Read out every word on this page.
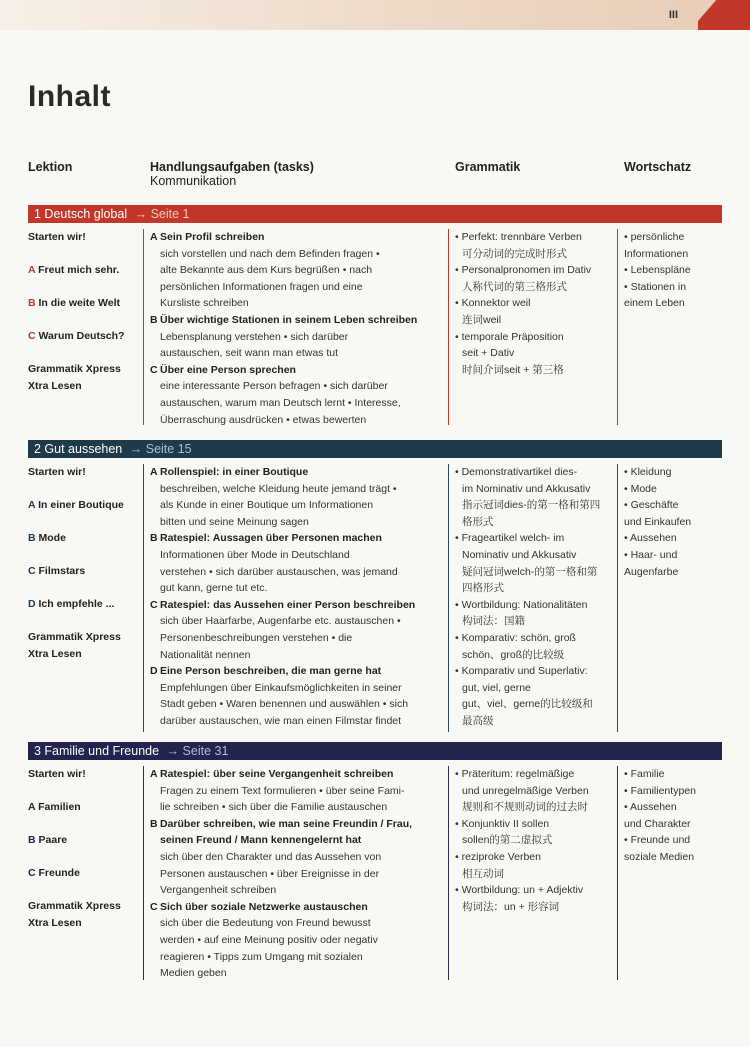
III
Inhalt
Lektion	Handlungsaufgaben (tasks)
Kommunikation
Grammatik	Wortschatz
1 Deutsch global → Seite 1
Starten wir!
A Freut mich sehr.
B In die weite Welt
C Warum Deutsch?
Grammatik Xpress
Xtra Lesen
A Sein Profil schreiben
sich vorstellen und nach dem Befinden fragen •
alte Bekannte aus dem Kurs begrüßen • nach
persönlichen Informationen fragen und eine
Kursliste schreiben
B Über wichtige Stationen in seinem Leben schreiben
Lebensplanung verstehen • sich darüber
austauschen, seit wann man etwas tut
C Über eine Person sprechen
eine interessante Person befragen • sich darüber
austauschen, warum man Deutsch lernt • Interesse,
Überraschung ausdrücken • etwas bewerten
• Perfekt: trennbare Verben
可分动词的完成时形式
• Personalpronomen im Dativ
人称代词的第三格形式
• Konnektor weil
连词weil
• temporale Präposition
seit + Dativ
时间介词seit + 第三格
• persönliche
Informationen
• Lebenspläne
• Stationen in
einem Leben
2 Gut aussehen → Seite 15
Starten wir!
A In einer Boutique
B Mode
C Filmstars
D Ich empfehle ...
Grammatik Xpress
Xtra Lesen
A Rollenspiel: in einer Boutique
beschreiben, welche Kleidung heute jemand trägt •
als Kunde in einer Boutique um Informationen
bitten und seine Meinung sagen
B Ratespiel: Aussagen über Personen machen
Informationen über Mode in Deutschland
verstehen • sich darüber austauschen, was jemand
gut kann, gerne tut etc.
C Ratespiel: das Aussehen einer Person beschreiben
sich über Haarfarbe, Augenfarbe etc. austauschen •
Personenbeschreibungen verstehen • die
Nationalität nennen
D Eine Person beschreiben, die man gerne hat
Empfehlungen über Einkaufsmöglichkeiten in seiner
Stadt geben • Waren benennen und auswählen • sich
darüber austauschen, wie man einen Filmstar findet
• Demonstrativartikel dies-
im Nominativ und Akkusativ
指示冠词dies-的第一格和第四
格形式
• Frageartikel welch- im
Nominativ und Akkusativ
疑问冠词welch-的第一格和第
四格形式
• Wortbildung: Nationalitäten
构词法：国籍
• Komparativ: schön, groß
schön、groß的比较级
• Komparativ und Superlativ:
gut, viel, gerne
gut、viel、gerne的比较级和
最高级
• Kleidung
• Mode
• Geschäfte
und Einkaufen
• Aussehen
• Haar- und
Augenfarbe
3 Familie und Freunde → Seite 31
Starten wir!
A Familien
B Paare
C Freunde
Grammatik Xpress
Xtra Lesen
A Ratespiel: über seine Vergangenheit schreiben
Fragen zu einem Text formulieren • über seine Fami-
lie schreiben • sich über die Familie austauschen
B Darüber schreiben, wie man seine Freundin / Frau,
seinen Freund / Mann kennengelernt hat
sich über den Charakter und das Aussehen von
Personen austauschen • über Ereignisse in der
Vergangenheit schreiben
C Sich über soziale Netzwerke austauschen
sich über die Bedeutung von Freund bewusst
werden • auf eine Meinung positiv oder negativ
reagieren • Tipps zum Umgang mit sozialen
Medien geben
• Präteritum: regelmäßige
und unregelmäßige Verben
规则和不规则动词的过去时
• Konjunktiv II sollen
sollen的第二虚拟式
• reziproke Verben
相互动词
• Wortbildung: un + Adjektiv
构词法：un + 形容词
• Familie
• Familientypen
• Aussehen
und Charakter
• Freunde und
soziale Medien
